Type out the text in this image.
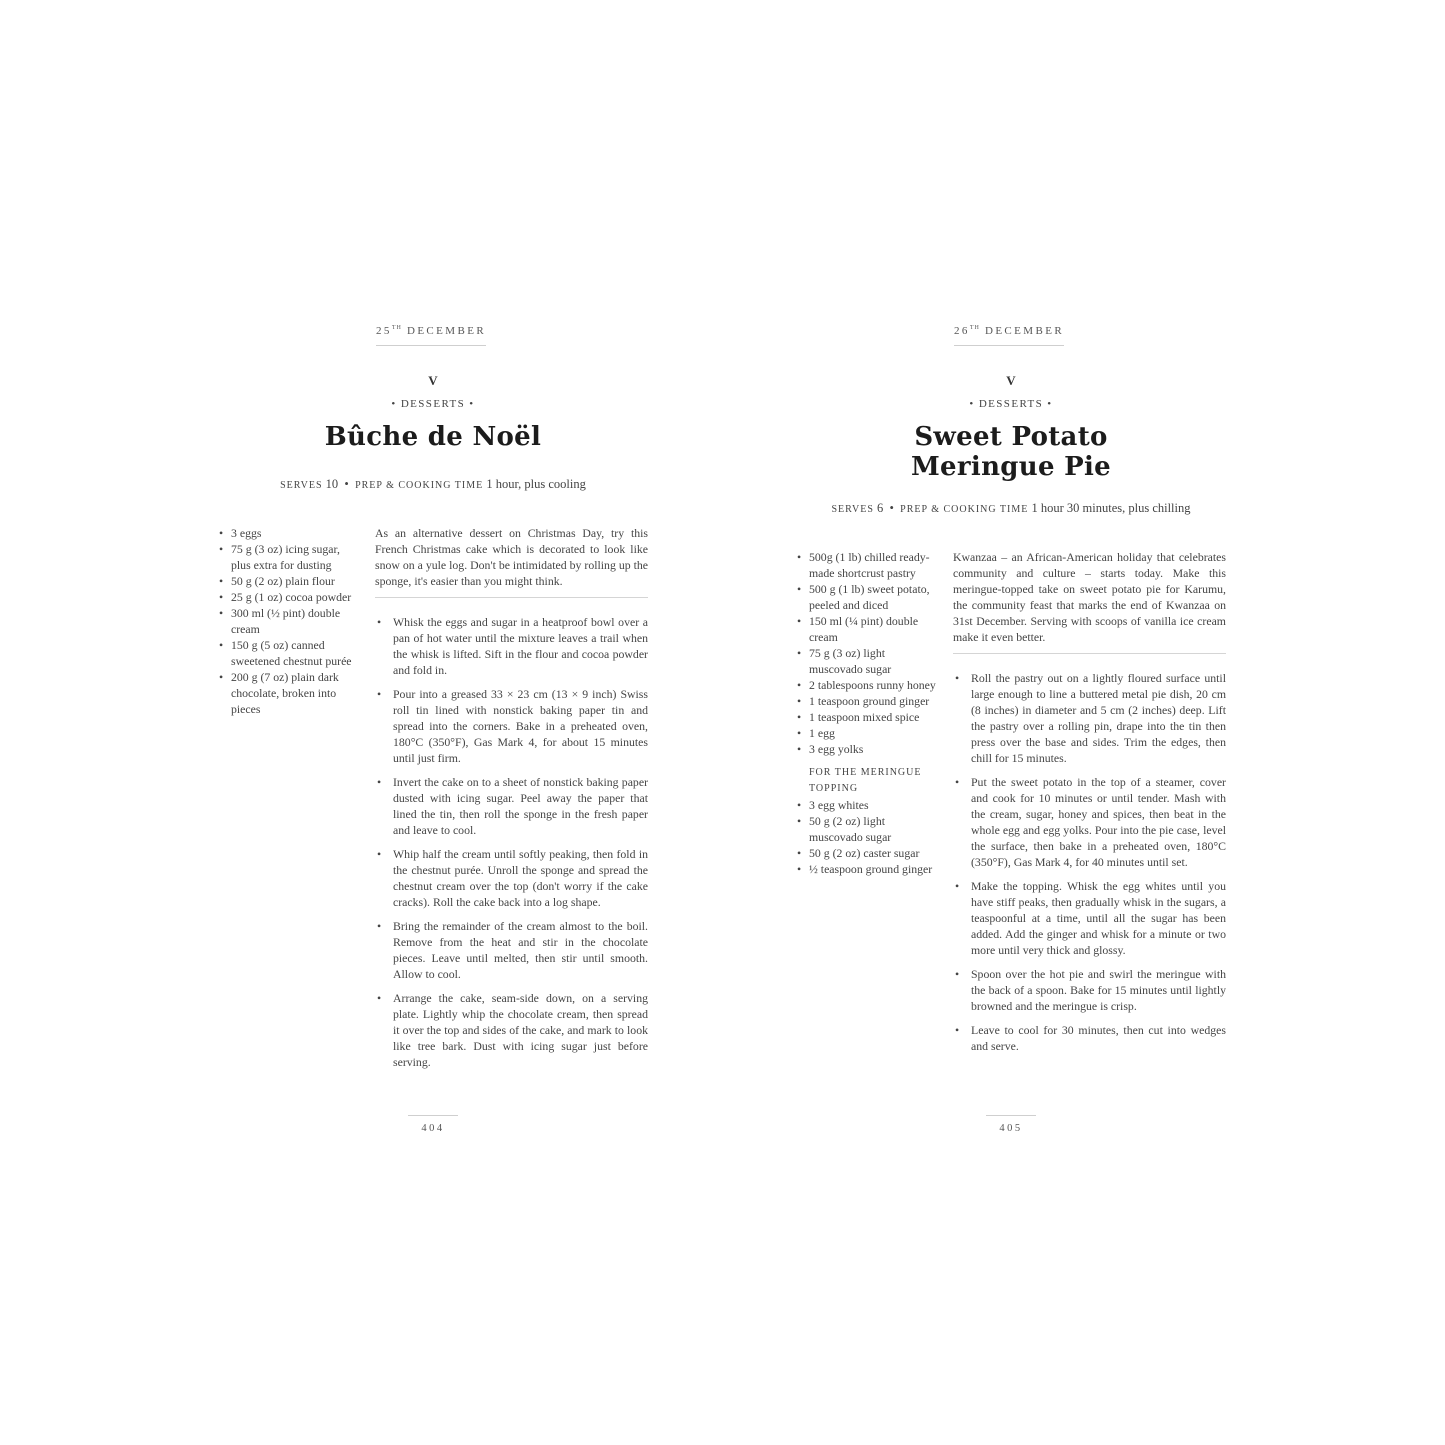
25TH DECEMBER
V
• DESSERTS •
Bûche de Noël
SERVES 10  •  PREP & COOKING TIME 1 hour, plus cooling
• 3 eggs
• 75 g (3 oz) icing sugar, plus extra for dusting
• 50 g (2 oz) plain flour
• 25 g (1 oz) cocoa powder
• 300 ml (½ pint) double cream
• 150 g (5 oz) canned sweetened chestnut purée
• 200 g (7 oz) plain dark chocolate, broken into pieces

As an alternative dessert on Christmas Day, try this French Christmas cake which is decorated to look like snow on a yule log. Don't be intimidated by rolling up the sponge, it's easier than you might think.

• Whisk the eggs and sugar in a heatproof bowl over a pan of hot water until the mixture leaves a trail when the whisk is lifted. Sift in the flour and cocoa powder and fold in.
• Pour into a greased 33 × 23 cm (13 × 9 inch) Swiss roll tin lined with nonstick baking paper tin and spread into the corners. Bake in a preheated oven, 180°C (350°F), Gas Mark 4, for about 15 minutes until just firm.
• Invert the cake on to a sheet of nonstick baking paper dusted with icing sugar. Peel away the paper that lined the tin, then roll the sponge in the fresh paper and leave to cool.
• Whip half the cream until softly peaking, then fold in the chestnut purée. Unroll the sponge and spread the chestnut cream over the top (don't worry if the cake cracks). Roll the cake back into a log shape.
• Bring the remainder of the cream almost to the boil. Remove from the heat and stir in the chocolate pieces. Leave until melted, then stir until smooth. Allow to cool.
• Arrange the cake, seam-side down, on a serving plate. Lightly whip the chocolate cream, then spread it over the top and sides of the cake, and mark to look like tree bark. Dust with icing sugar just before serving.
404
26TH DECEMBER
V
• DESSERTS •
Sweet Potato
Meringue Pie
SERVES 6  •  PREP & COOKING TIME 1 hour 30 minutes, plus chilling
• 500g (1 lb) chilled ready-made shortcrust pastry
• 500 g (1 lb) sweet potato, peeled and diced
• 150 ml (¼ pint) double cream
• 75 g (3 oz) light muscovado sugar
• 2 tablespoons runny honey
• 1 teaspoon ground ginger
• 1 teaspoon mixed spice
• 1 egg
• 3 egg yolks
FOR THE MERINGUE TOPPING
• 3 egg whites
• 50 g (2 oz) light muscovado sugar
• 50 g (2 oz) caster sugar
• ½ teaspoon ground ginger

Kwanzaa – an African-American holiday that celebrates community and culture – starts today. Make this meringue-topped take on sweet potato pie for Karumu, the community feast that marks the end of Kwanzaa on 31st December. Serving with scoops of vanilla ice cream make it even better.

• Roll the pastry out on a lightly floured surface until large enough to line a buttered metal pie dish, 20 cm (8 inches) in diameter and 5 cm (2 inches) deep. Lift the pastry over a rolling pin, drape into the tin then press over the base and sides. Trim the edges, then chill for 15 minutes.
• Put the sweet potato in the top of a steamer, cover and cook for 10 minutes or until tender. Mash with the cream, sugar, honey and spices, then beat in the whole egg and egg yolks. Pour into the pie case, level the surface, then bake in a preheated oven, 180°C (350°F), Gas Mark 4, for 40 minutes until set.
• Make the topping. Whisk the egg whites until you have stiff peaks, then gradually whisk in the sugars, a teaspoonful at a time, until all the sugar has been added. Add the ginger and whisk for a minute or two more until very thick and glossy.
• Spoon over the hot pie and swirl the meringue with the back of a spoon. Bake for 15 minutes until lightly browned and the meringue is crisp.
• Leave to cool for 30 minutes, then cut into wedges and serve.
405
